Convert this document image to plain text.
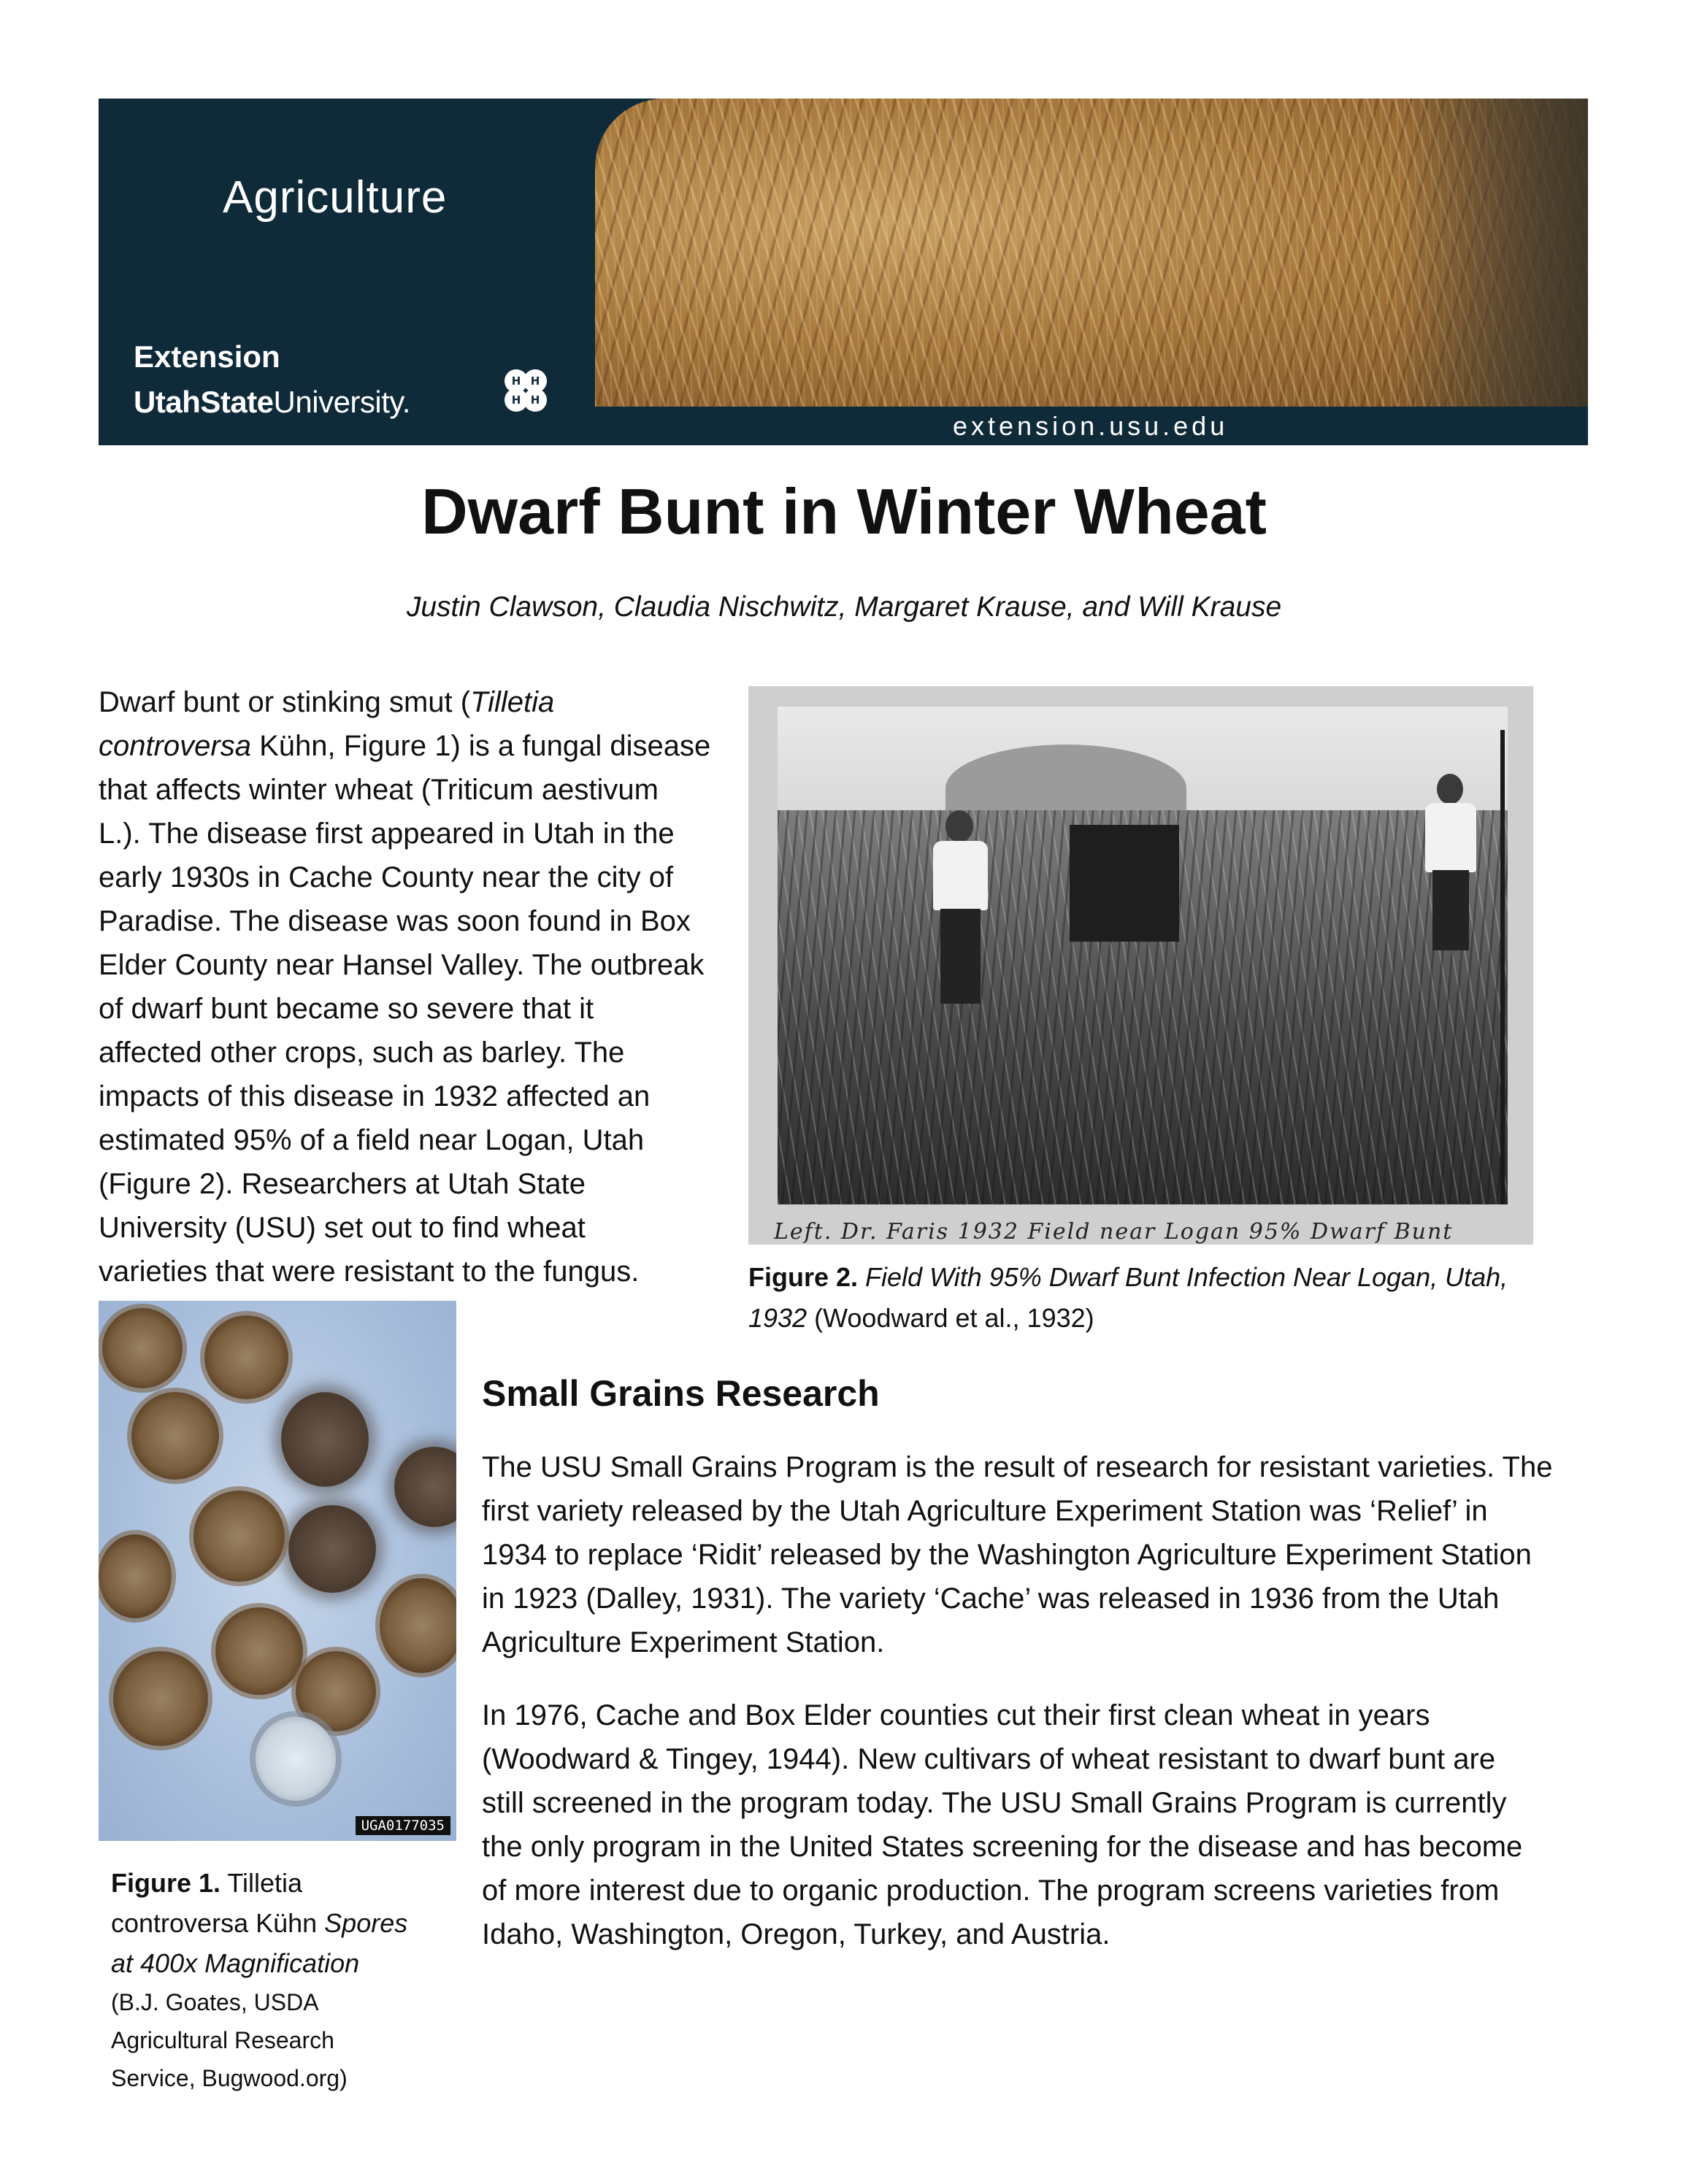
Agriculture
Extension
UtahStateUniversity.
H H
H H
extension.usu.edu
Dwarf Bunt in Winter Wheat
Justin Clawson, Claudia Nischwitz, Margaret Krause, and Will Krause
Dwarf bunt or stinking smut (Tilletia
controversa Kühn, Figure 1) is a fungal disease
that affects winter wheat (Triticum aestivum
L.). The disease first appeared in Utah in the
early 1930s in Cache County near the city of
Paradise. The disease was soon found in Box
Elder County near Hansel Valley. The outbreak
of dwarf bunt became so severe that it
affected other crops, such as barley. The
impacts of this disease in 1932 affected an
estimated 95% of a field near Logan, Utah
(Figure 2). Researchers at Utah State
University (USU) set out to find wheat
varieties that were resistant to the fungus.
Left. Dr. Faris 1932 Field near Logan 95% Dwarf Bunt
Figure 2. Field With 95% Dwarf Bunt Infection Near Logan, Utah,
1932 (Woodward et al., 1932)
UGA0177035
Figure 1. Tilletia
controversa Kühn Spores
at 400x Magnification
(B.J. Goates, USDA
Agricultural Research
Service, Bugwood.org)
Small Grains Research
The USU Small Grains Program is the result of research for resistant varieties. The
first variety released by the Utah Agriculture Experiment Station was ‘Relief’ in
1934 to replace ‘Ridit’ released by the Washington Agriculture Experiment Station
in 1923 (Dalley, 1931). The variety ‘Cache’ was released in 1936 from the Utah
Agriculture Experiment Station.
In 1976, Cache and Box Elder counties cut their first clean wheat in years
(Woodward & Tingey, 1944). New cultivars of wheat resistant to dwarf bunt are
still screened in the program today. The USU Small Grains Program is currently
the only program in the United States screening for the disease and has become
of more interest due to organic production. The program screens varieties from
Idaho, Washington, Oregon, Turkey, and Austria.
